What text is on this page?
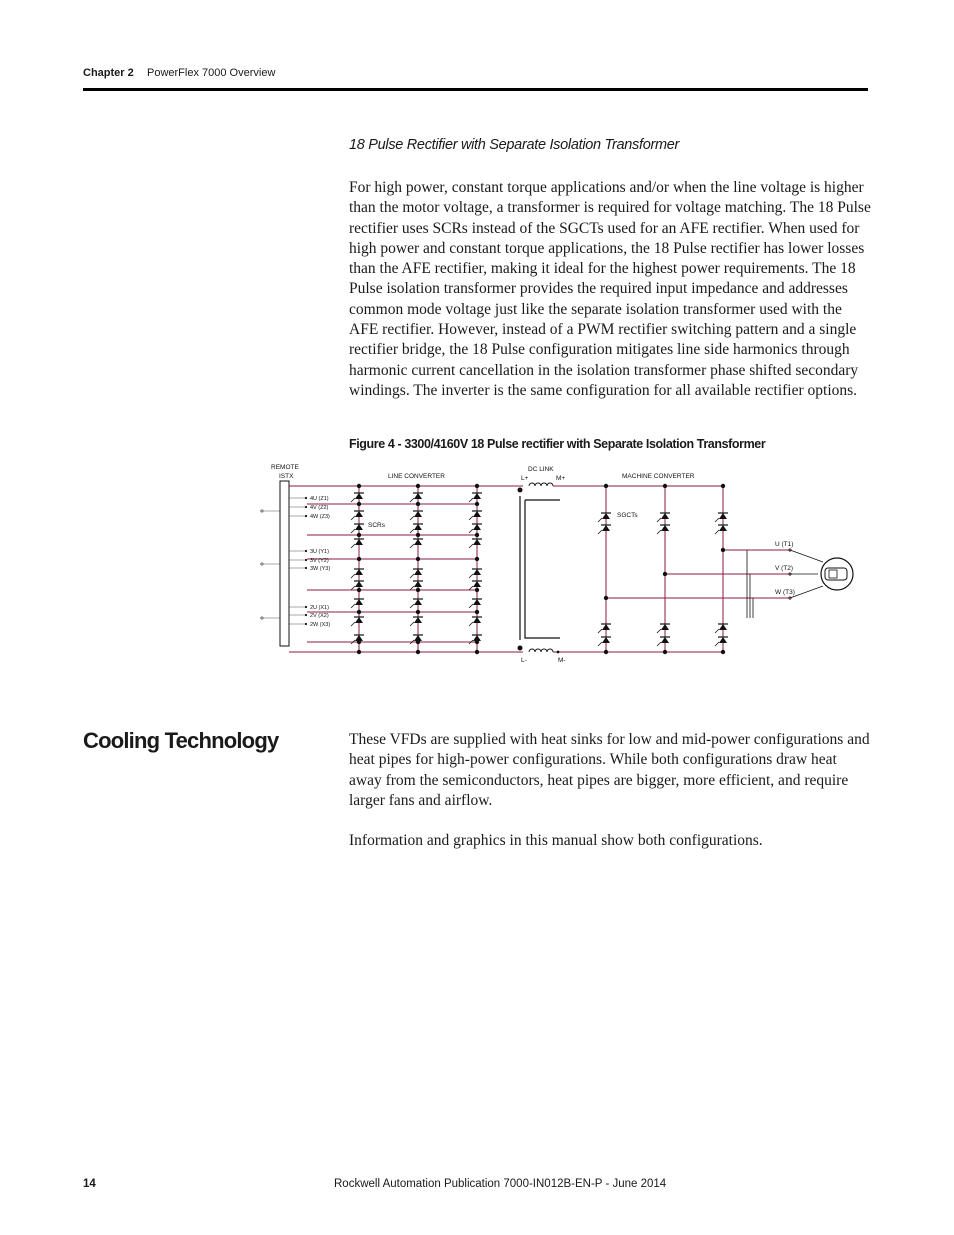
Chapter 2 PowerFlex 7000 Overview
18 Pulse Rectifier with Separate Isolation Transformer

For high power, constant torque applications and/or when the line voltage is higher than the motor voltage, a transformer is required for voltage matching. The 18 Pulse rectifier uses SCRs instead of the SGCTs used for an AFE rectifier. When used for high power and constant torque applications, the 18 Pulse rectifier has lower losses than the AFE rectifier, making it ideal for the highest power requirements. The 18 Pulse isolation transformer provides the required input impedance and addresses common mode voltage just like the separate isolation transformer used with the AFE rectifier. However, instead of a PWM rectifier switching pattern and a single rectifier bridge, the 18 Pulse configuration mitigates line side harmonics through harmonic current cancellation in the isolation transformer phase shifted secondary windings. The inverter is the same configuration for all available rectifier options.

Figure 4 - 3300/4160V 18 Pulse rectifier with Separate Isolation Transformer
REMOTE
ISTX	LINE CONVERTER
DC LINK
L+	M+
L-	M-
MACHINE CONVERTER
SCRs
SGCTs
U (T1)
V (T2)
W (T3)
4U (Z1)
4V (Z2)
4W (Z3)
3U (Y1)
3V (Y2)
3W (Y3)
2U (X1)
2V (X2)
2W (X3)
Cooling Technology	These VFDs are supplied with heat sinks for low and mid-power configurations and heat pipes for high-power configurations. While both configurations draw heat away from the semiconductors, heat pipes are bigger, more efficient, and require larger fans and airflow.

Information and graphics in this manual show both configurations.

14	Rockwell Automation Publication 7000-IN012B-EN-P - June 2014
